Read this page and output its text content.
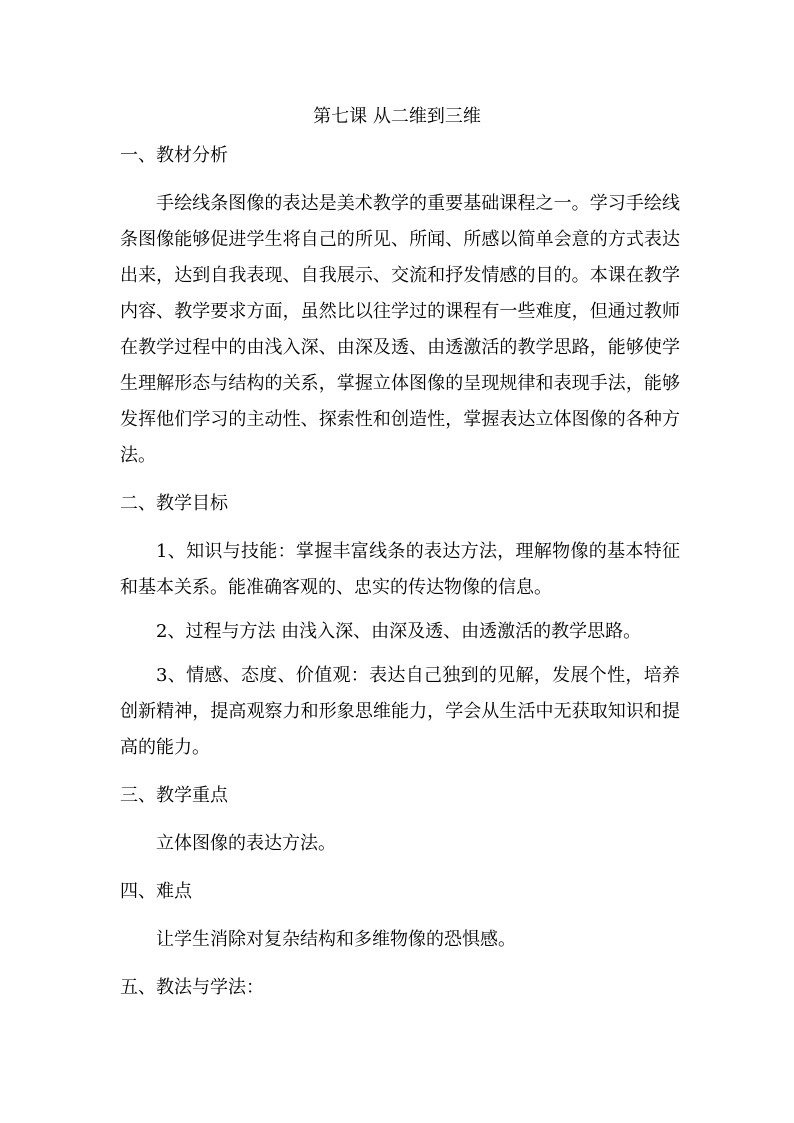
第七课 从二维到三维
一、教材分析

手绘线条图像的表达是美术教学的重要基础课程之一。学习手绘线条图像能够促进学生将自己的所见、所闻、所感以简单会意的方式表达出来，达到自我表现、自我展示、交流和抒发情感的目的。本课在教学内容、教学要求方面，虽然比以往学过的课程有一些难度，但通过教师在教学过程中的由浅入深、由深及透、由透激活的教学思路，能够使学生理解形态与结构的关系，掌握立体图像的呈现规律和表现手法，能够发挥他们学习的主动性、探索性和创造性，掌握表达立体图像的各种方法。

二、教学目标

1、知识与技能：掌握丰富线条的表达方法，理解物像的基本特征和基本关系。能准确客观的、忠实的传达物像的信息。

2、过程与方法 由浅入深、由深及透、由透激活的教学思路。

3、情感、态度、价值观：表达自己独到的见解，发展个性，培养创新精神，提高观察力和形象思维能力，学会从生活中无获取知识和提高的能力。

三、教学重点

立体图像的表达方法。

四、难点

让学生消除对复杂结构和多维物像的恐惧感。

五、教法与学法：
